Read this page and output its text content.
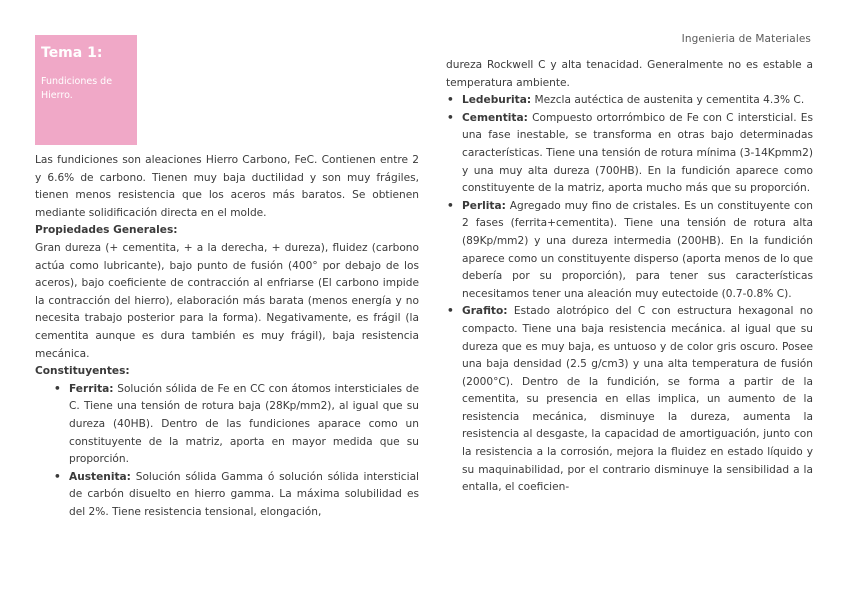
Ingenieria de Materiales
Tema 1:
Fundiciones de Hierro.

Las fundiciones son aleaciones Hierro Carbono, FeC. Contienen entre 2 y 6.6% de carbono. Tienen muy baja ductilidad y son muy frágiles, tienen menos resistencia que los aceros más baratos. Se obtienen mediante solidificación directa en el molde.

Propiedades Generales:

Gran dureza (+ cementita, + a la derecha, + dureza), fluidez (carbono actúa como lubricante), bajo punto de fusión (400° por debajo de los aceros), bajo coeficiente de contracción al enfriarse (El carbono impide la contracción del hierro), elaboración más barata (menos energía y no necesita trabajo posterior para la forma). Negativamente, es frágil (la cementita aunque es dura también es muy frágil), baja resistencia mecánica.

Constituyentes:

• Ferrita: Solución sólida de Fe en CC con átomos intersticiales de C. Tiene una tensión de rotura baja (28Kp/mm2), al igual que su dureza (40HB). Dentro de las fundiciones aparace como un constituyente de la matriz, aporta en mayor medida que su proporción.
• Austenita: Solución sólida Gamma ó solución sólida intersticial de carbón disuelto en hierro gamma. La máxima solubilidad es del 2%. Tiene resistencia tensional, elongación,

dureza Rockwell C y alta tenacidad. Generalmente no es estable a temperatura ambiente.

• Ledeburita: Mezcla autéctica de austenita y cementita 4.3% C.
• Cementita: Compuesto ortorrómbico de Fe con C intersticial. Es una fase inestable, se transforma en otras bajo determinadas características. Tiene una tensión de rotura mínima (3-14Kpmm2) y una muy alta dureza (700HB). En la fundición aparece como constituyente de la matriz, aporta mucho más que su proporción.
• Perlita: Agregado muy fino de cristales. Es un constituyente con 2 fases (ferrita+cementita). Tiene una tensión de rotura alta (89Kp/mm2) y una dureza intermedia (200HB). En la fundición aparece como un constituyente disperso (aporta menos de lo que debería por su proporción), para tener sus características necesitamos tener una aleación muy eutectoide (0.7-0.8% C).
• Grafito: Estado alotrópico del C con estructura hexagonal no compacto. Tiene una baja resistencia mecánica. al igual que su dureza que es muy baja, es untuoso y de color gris oscuro. Posee una baja densidad (2.5 g/cm3) y una alta temperatura de fusión (2000°C). Dentro de la fundición, se forma a partir de la cementita, su presencia en ellas implica, un aumento de la resistencia mecánica, disminuye la dureza, aumenta la resistencia al desgaste, la capacidad de amortiguación, junto con la resistencia a la corrosión, mejora la fluidez en estado líquido y su maquinabilidad, por el contrario disminuye la sensibilidad a la entalla, el coeficien-
